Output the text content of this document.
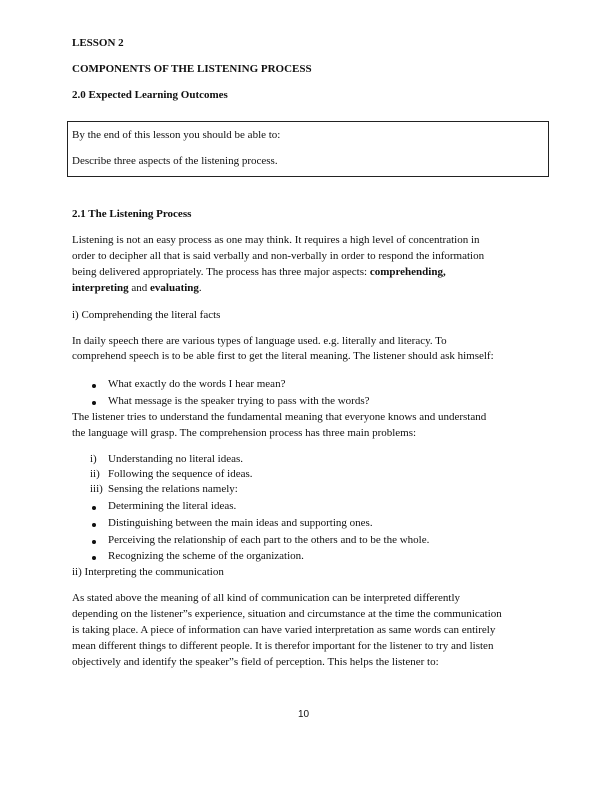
LESSON 2
COMPONENTS OF THE LISTENING PROCESS
2.0 Expected Learning Outcomes
By the end of this lesson you should be able to:
Describe three aspects of the listening process.
2.1 The Listening Process
Listening is not an easy process as one may think. It requires a high level of concentration in
order to decipher all that is said verbally and non-verbally in order to respond the information
being delivered appropriately. The process has three major aspects: comprehending,
interpreting and evaluating.
i) Comprehending the literal facts
In daily speech there are various types of language used. e.g. literally and literacy. To
comprehend speech is to be able first to get the literal meaning. The listener should ask himself:
What exactly do the words I hear mean?
What message is the speaker trying to pass with the words?
The listener tries to understand the fundamental meaning that everyone knows and understand
the language will grasp. The comprehension process has three main problems:
i) Understanding no literal ideas.
ii) Following the sequence of ideas.
iii) Sensing the relations namely:
Determining the literal ideas.
Distinguishing between the main ideas and supporting ones.
Perceiving the relationship of each part to the others and to be the whole.
Recognizing the scheme of the organization.
ii) Interpreting the communication
As stated above the meaning of all kind of communication can be interpreted differently
depending on the listener”s experience, situation and circumstance at the time the communication
is taking place. A piece of information can have varied interpretation as same words can entirely
mean different things to different people. It is therefor important for the listener to try and listen
objectively and identify the speaker”s field of perception. This helps the listener to:
10
